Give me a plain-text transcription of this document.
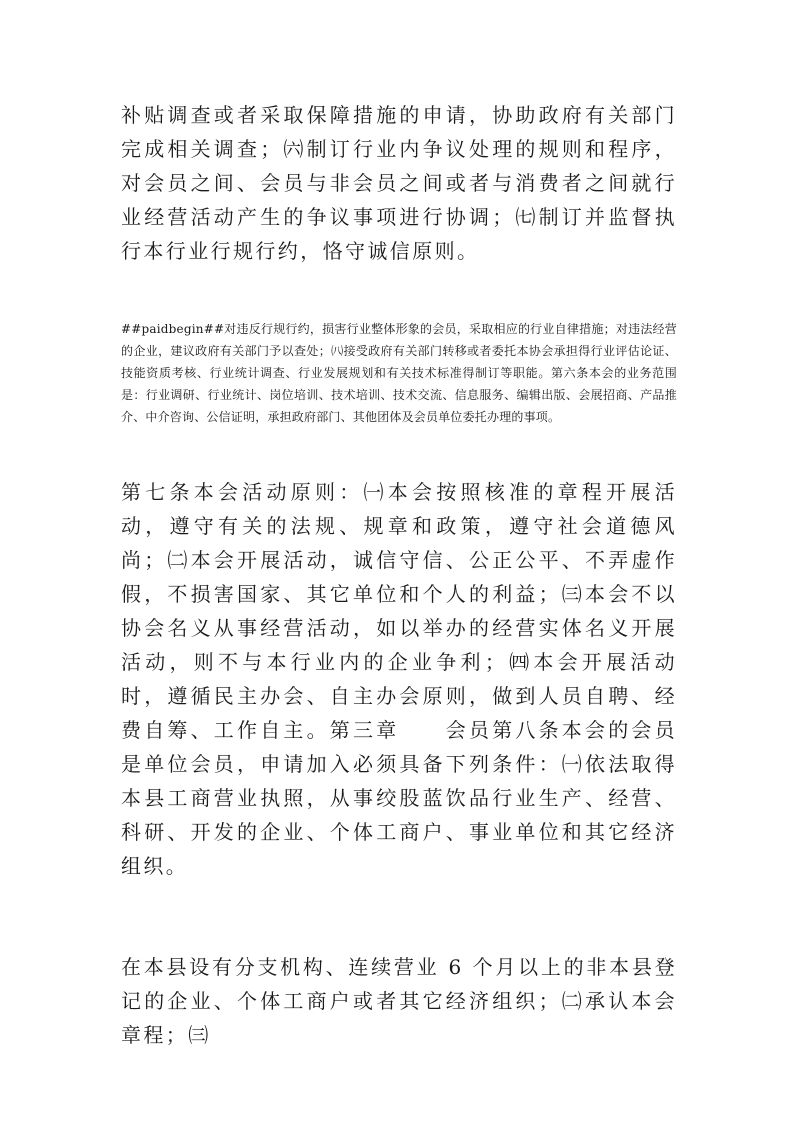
补贴调查或者采取保障措施的申请，协助政府有关部门完成相关调查；㈥制订行业内争议处理的规则和程序，对会员之间、会员与非会员之间或者与消费者之间就行业经营活动产生的争议事项进行协调；㈦制订并监督执行本行业行规行约，恪守诚信原则。

##paidbegin##对违反行规行约，损害行业整体形象的会员，采取相应的行业自律措施；对违法经营的企业，建议政府有关部门予以查处；㈧接受政府有关部门转移或者委托本协会承担得行业评估论证、技能资质考核、行业统计调查、行业发展规划和有关技术标准得制订等职能。第六条本会的业务范围是：行业调研、行业统计、岗位培训、技术培训、技术交流、信息服务、编辑出版、会展招商、产品推介、中介咨询、公信证明，承担政府部门、其他团体及会员单位委托办理的事项。

第七条本会活动原则：㈠本会按照核准的章程开展活动，遵守有关的法规、规章和政策，遵守社会道德风尚；㈡本会开展活动，诚信守信、公正公平、不弄虚作假，不损害国家、其它单位和个人的利益；㈢本会不以协会名义从事经营活动，如以举办的经营实体名义开展活动，则不与本行业内的企业争利；㈣本会开展活动时，遵循民主办会、自主办会原则，做到人员自聘、经费自筹、工作自主。第三章　　会员第八条本会的会员是单位会员，申请加入必须具备下列条件：㈠依法取得本县工商营业执照，从事绞股蓝饮品行业生产、经营、科研、开发的企业、个体工商户、事业单位和其它经济组织。

在本县设有分支机构、连续营业 6 个月以上的非本县登记的企业、个体工商户或者其它经济组织；㈡承认本会章程；㈢
